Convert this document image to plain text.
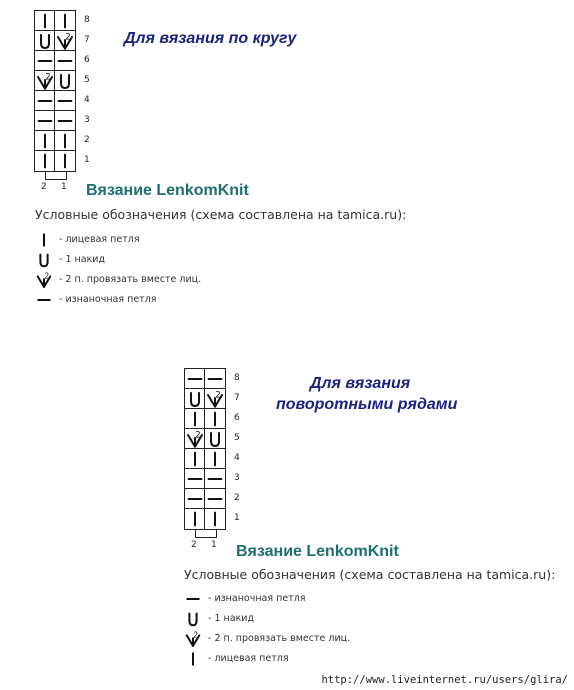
8
2 7
6
2	5
4
3
2
1
2 1
Для вязания по кругу
Вязание LenkomKnit
Условные обозначения (схема составлена на tamica.ru):
- лицевая петля
- 1 накид
2 - 2 п. провязать вместе лиц.
- изнаночная петля
8
2 7
6
2	5
4
3
2
1
2 1
Для вязания
поворотными рядами
Вязание LenkomKnit
Условные обозначения (схема составлена на tamica.ru):
- изнаночная петля
- 1 накид
2 - 2 п. провязать вместе лиц.
- лицевая петля
http://www.liveinternet.ru/users/glira/
